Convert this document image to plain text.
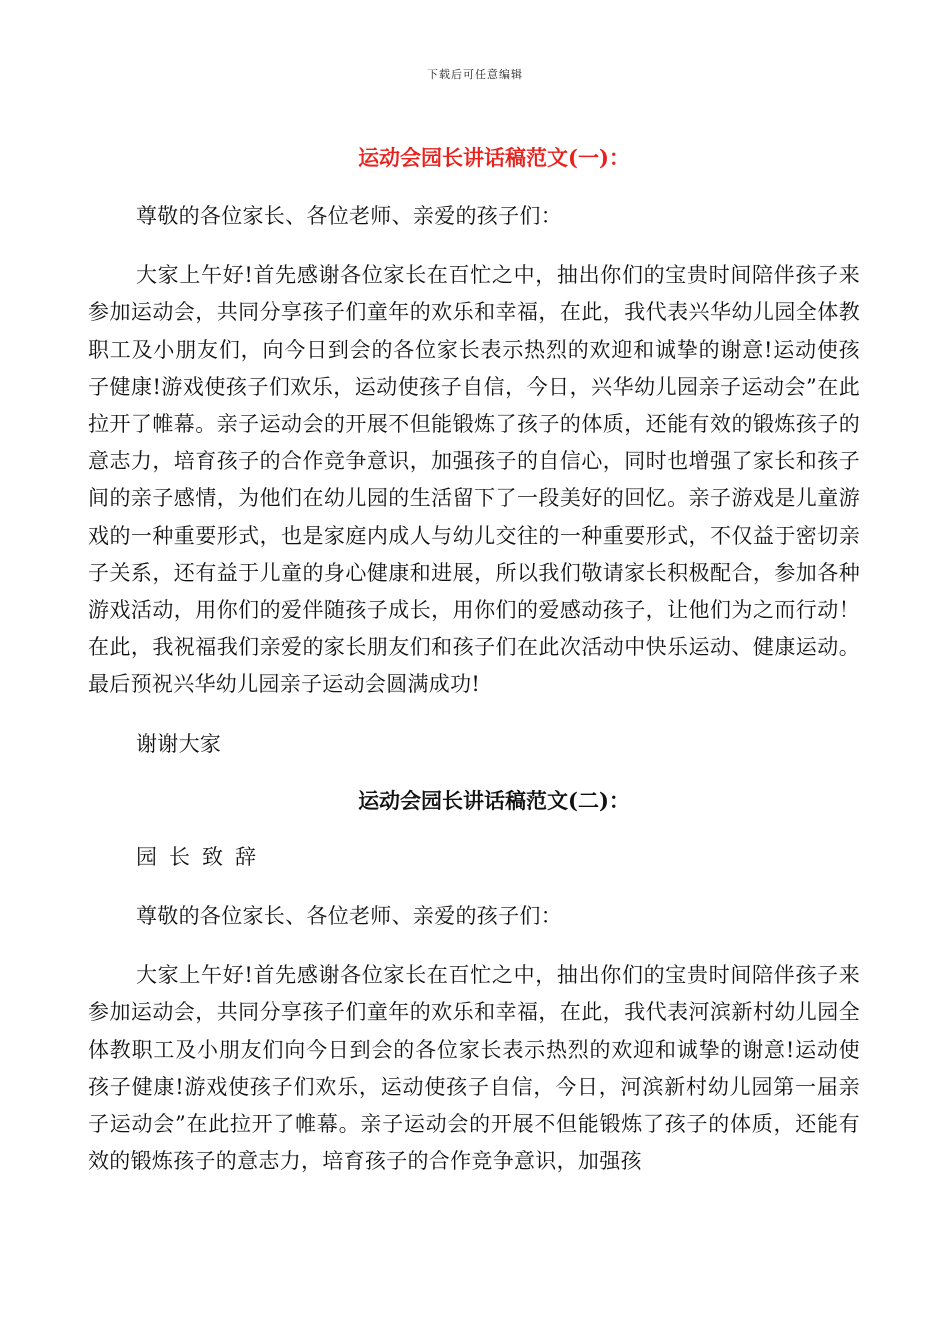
下载后可任意编辑
运动会园长讲话稿范文(一)：

尊敬的各位家长、各位老师、亲爱的孩子们：

大家上午好!首先感谢各位家长在百忙之中，抽出你们的宝贵时间陪伴孩子来参加运动会，共同分享孩子们童年的欢乐和幸福，在此，我代表兴华幼儿园全体教职工及小朋友们，向今日到会的各位家长表示热烈的欢迎和诚挚的谢意!运动使孩子健康!游戏使孩子们欢乐，运动使孩子自信，今日，兴华幼儿园亲子运动会”在此拉开了帷幕。亲子运动会的开展不但能锻炼了孩子的体质，还能有效的锻炼孩子的意志力，培育孩子的合作竞争意识，加强孩子的自信心，同时也增强了家长和孩子间的亲子感情，为他们在幼儿园的生活留下了一段美好的回忆。亲子游戏是儿童游戏的一种重要形式，也是家庭内成人与幼儿交往的一种重要形式，不仅益于密切亲子关系，还有益于儿童的身心健康和进展，所以我们敬请家长积极配合，参加各种游戏活动，用你们的爱伴随孩子成长，用你们的爱感动孩子，让他们为之而行动！在此，我祝福我们亲爱的家长朋友们和孩子们在此次活动中快乐运动、健康运动。最后预祝兴华幼儿园亲子运动会圆满成功!

谢谢大家

运动会园长讲话稿范文(二)：

园长致辞

尊敬的各位家长、各位老师、亲爱的孩子们：

大家上午好!首先感谢各位家长在百忙之中，抽出你们的宝贵时间陪伴孩子来参加运动会，共同分享孩子们童年的欢乐和幸福，在此，我代表河滨新村幼儿园全体教职工及小朋友们向今日到会的各位家长表示热烈的欢迎和诚挚的谢意!运动使孩子健康!游戏使孩子们欢乐，运动使孩子自信，今日，河滨新村幼儿园第一届亲子运动会”在此拉开了帷幕。亲子运动会的开展不但能锻炼了孩子的体质，还能有效的锻炼孩子的意志力，培育孩子的合作竞争意识，加强孩
